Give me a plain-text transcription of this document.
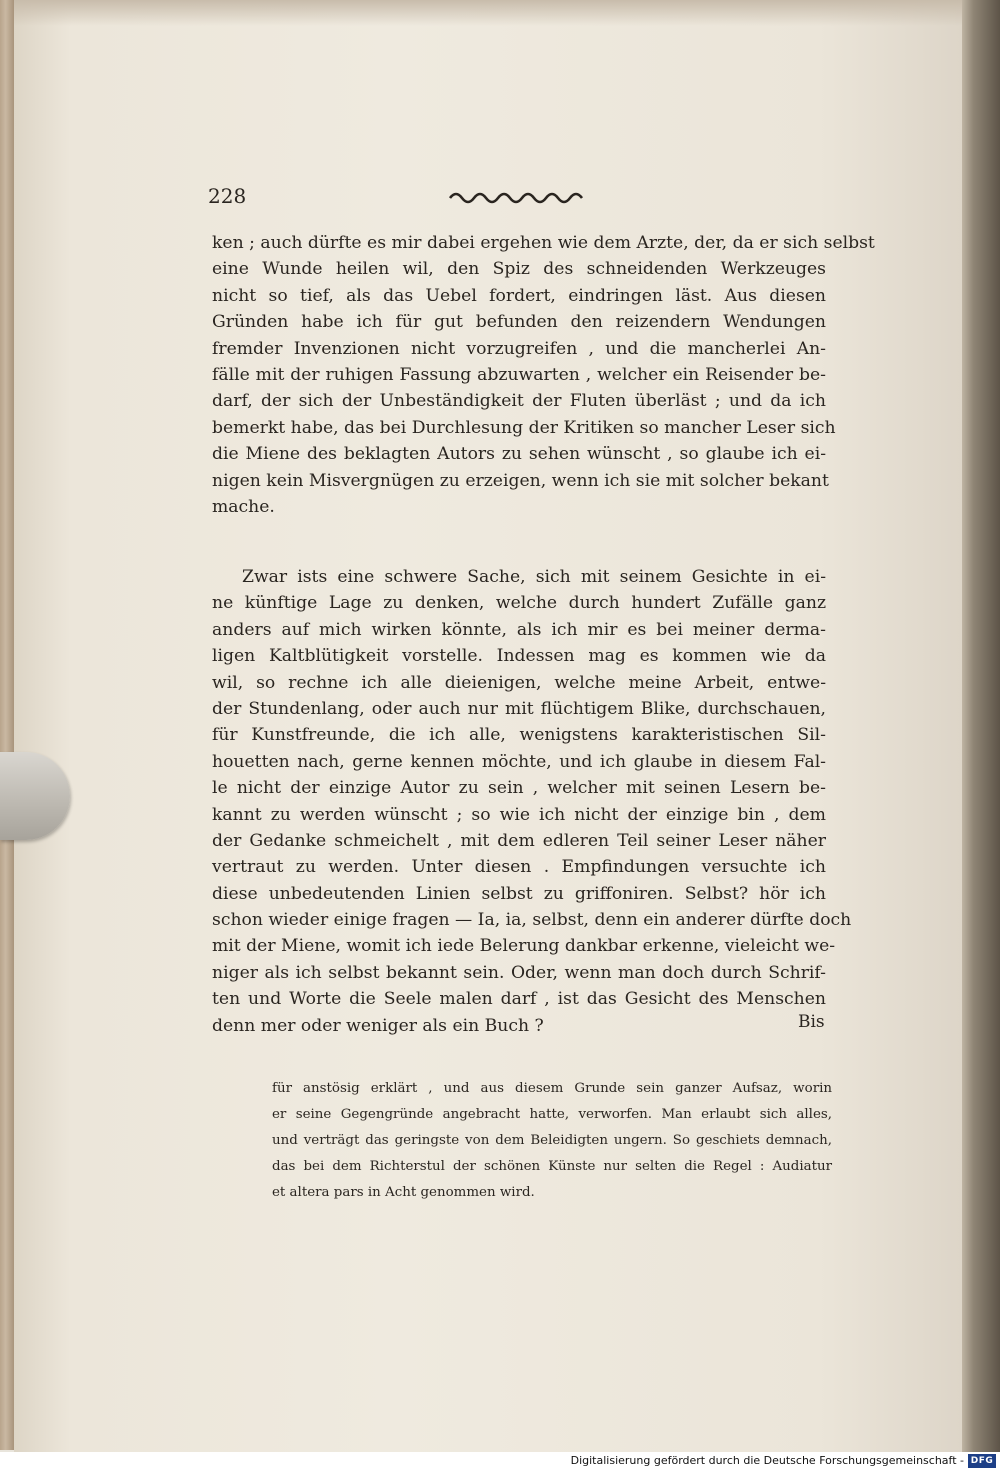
228
ken ; auch dürfte es mir dabei ergehen wie dem Arzte, der, da er sich selbst
eine Wunde heilen wil, den Spiz des schneidenden Werkzeuges
nicht so tief, als das Uebel fordert, eindringen läst. Aus diesen
Gründen habe ich für gut befunden den reizendern Wendungen
fremder Invenzionen nicht vorzugreifen , und die mancherlei An-
fälle mit der ruhigen Fassung abzuwarten , welcher ein Reisender be-
darf, der sich der Unbeständigkeit der Fluten überläst ; und da ich
bemerkt habe, das bei Durchlesung der Kritiken so mancher Leser sich
die Miene des beklagten Autors zu sehen wünscht , so glaube ich ei-
nigen kein Misvergnügen zu erzeigen, wenn ich sie mit solcher bekant
mache.
Zwar ists eine schwere Sache, sich mit seinem Gesichte in ei-
ne künftige Lage zu denken, welche durch hundert Zufälle ganz
anders auf mich wirken könnte, als ich mir es bei meiner derma-
ligen Kaltblütigkeit vorstelle. Indessen mag es kommen wie da
wil, so rechne ich alle dieienigen, welche meine Arbeit, entwe-
der Stundenlang, oder auch nur mit flüchtigem Blike, durchschauen,
für Kunstfreunde, die ich alle, wenigstens karakteristischen Sil-
houetten nach, gerne kennen möchte, und ich glaube in diesem Fal-
le nicht der einzige Autor zu sein , welcher mit seinen Lesern be-
kannt zu werden wünscht ; so wie ich nicht der einzige bin , dem
der Gedanke schmeichelt , mit dem edleren Teil seiner Leser näher
vertraut zu werden. Unter diesen . Empfindungen versuchte ich
diese unbedeutenden Linien selbst zu griffoniren. Selbst? hör ich
schon wieder einige fragen — Ia, ia, selbst, denn ein anderer dürfte doch
mit der Miene, womit ich iede Belerung dankbar erkenne, vieleicht we-
niger als ich selbst bekannt sein. Oder, wenn man doch durch Schrif-
ten und Worte die Seele malen darf , ist das Gesicht des Menschen
denn mer oder weniger als ein Buch ?	Bis
für anstösig erklärt , und aus diesem Grunde sein ganzer Aufsaz, worin
er seine Gegengründe angebracht hatte, verworfen. Man erlaubt sich alles,
und verträgt das geringste von dem Beleidigten ungern. So geschiets demnach,
das bei dem Richterstul der schönen Künste nur selten die Regel : Audiatur
et altera pars in Acht genommen wird.
Digitalisierung gefördert durch die Deutsche Forschungsgemeinschaft - DFG
